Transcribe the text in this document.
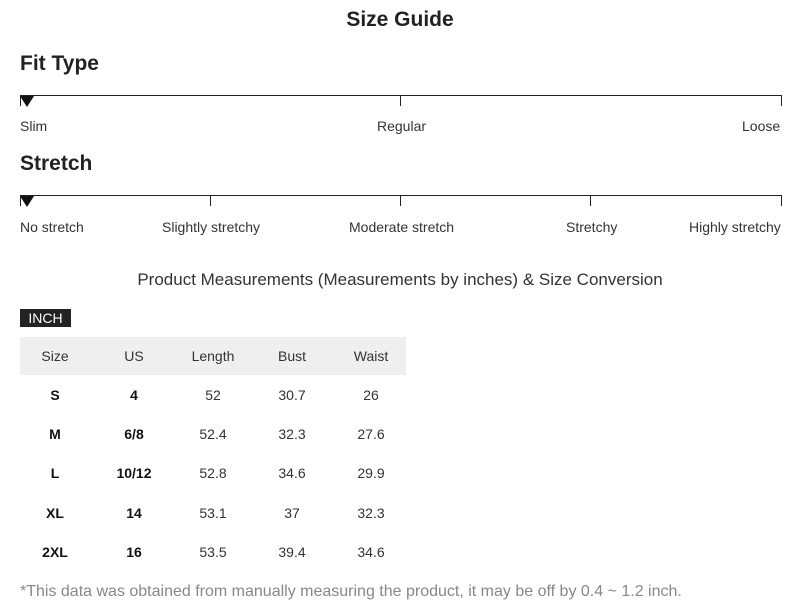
Size Guide
Fit Type
Slim	Regular	Loose
Stretch
No stretch	Slightly stretchy	Moderate stretch	Stretchy	Highly stretchy
Product Measurements (Measurements by inches) & Size Conversion
INCH
Size	US	Length	Bust	Waist
S	4	52	30.7	26
M	6/8	52.4	32.3	27.6
L	10/12	52.8	34.6	29.9
XL	14	53.1	37	32.3
2XL	16	53.5	39.4	34.6
*This data was obtained from manually measuring the product, it may be off by 0.4 ~ 1.2 inch.
